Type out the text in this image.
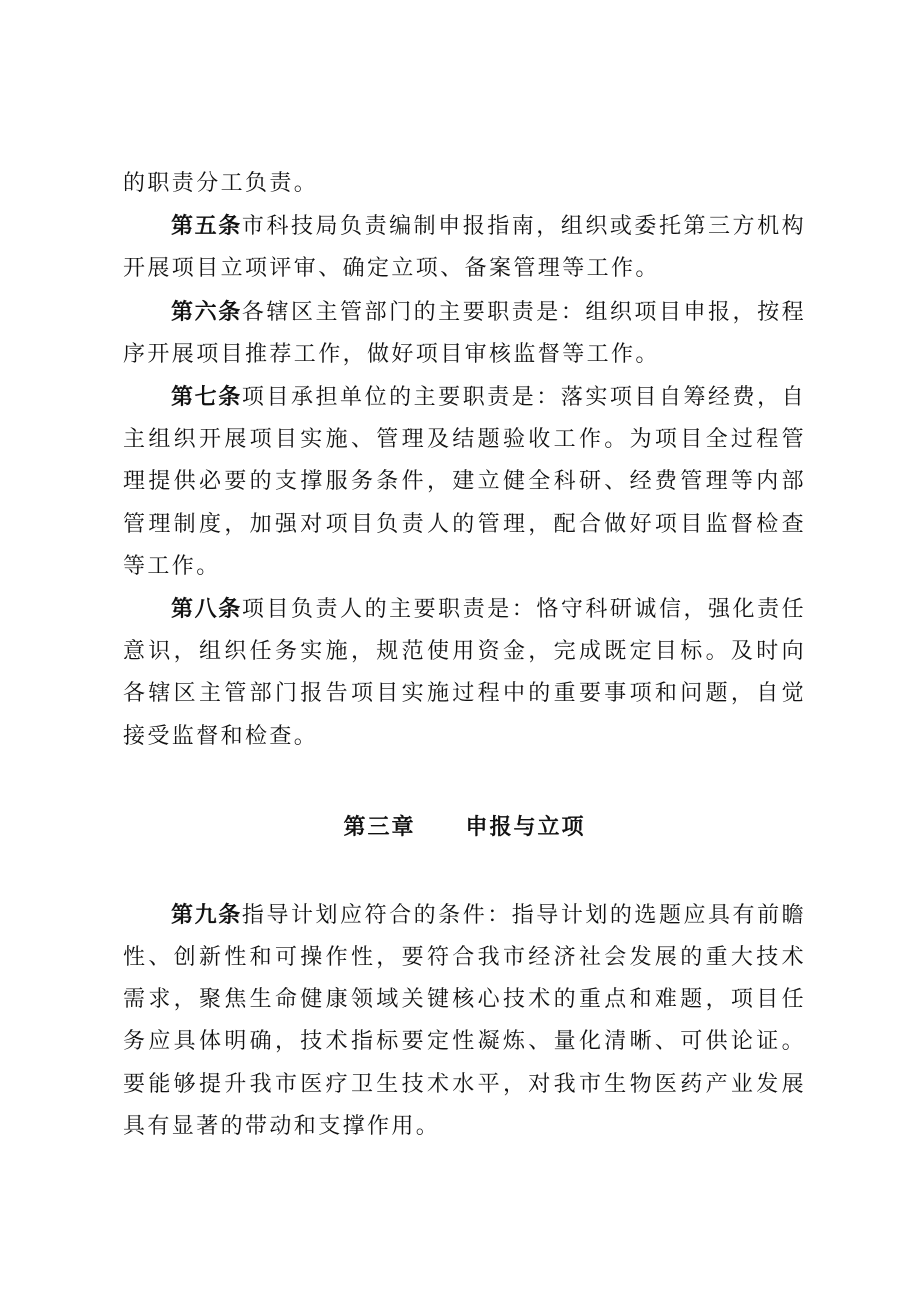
的职责分工负责。

第五条市科技局负责编制申报指南，组织或委托第三方机构开展项目立项评审、确定立项、备案管理等工作。

第六条各辖区主管部门的主要职责是：组织项目申报，按程序开展项目推荐工作，做好项目审核监督等工作。

第七条项目承担单位的主要职责是：落实项目自筹经费，自主组织开展项目实施、管理及结题验收工作。为项目全过程管理提供必要的支撑服务条件，建立健全科研、经费管理等内部管理制度，加强对项目负责人的管理，配合做好项目监督检查等工作。

第八条项目负责人的主要职责是：恪守科研诚信，强化责任意识，组织任务实施，规范使用资金，完成既定目标。及时向各辖区主管部门报告项目实施过程中的重要事项和问题，自觉接受监督和检查。

第三章 申报与立项

第九条指导计划应符合的条件：指导计划的选题应具有前瞻性、创新性和可操作性，要符合我市经济社会发展的重大技术需求，聚焦生命健康领域关键核心技术的重点和难题，项目任务应具体明确，技术指标要定性凝炼、量化清晰、可供论证。要能够提升我市医疗卫生技术水平，对我市生物医药产业发展具有显著的带动和支撑作用。
